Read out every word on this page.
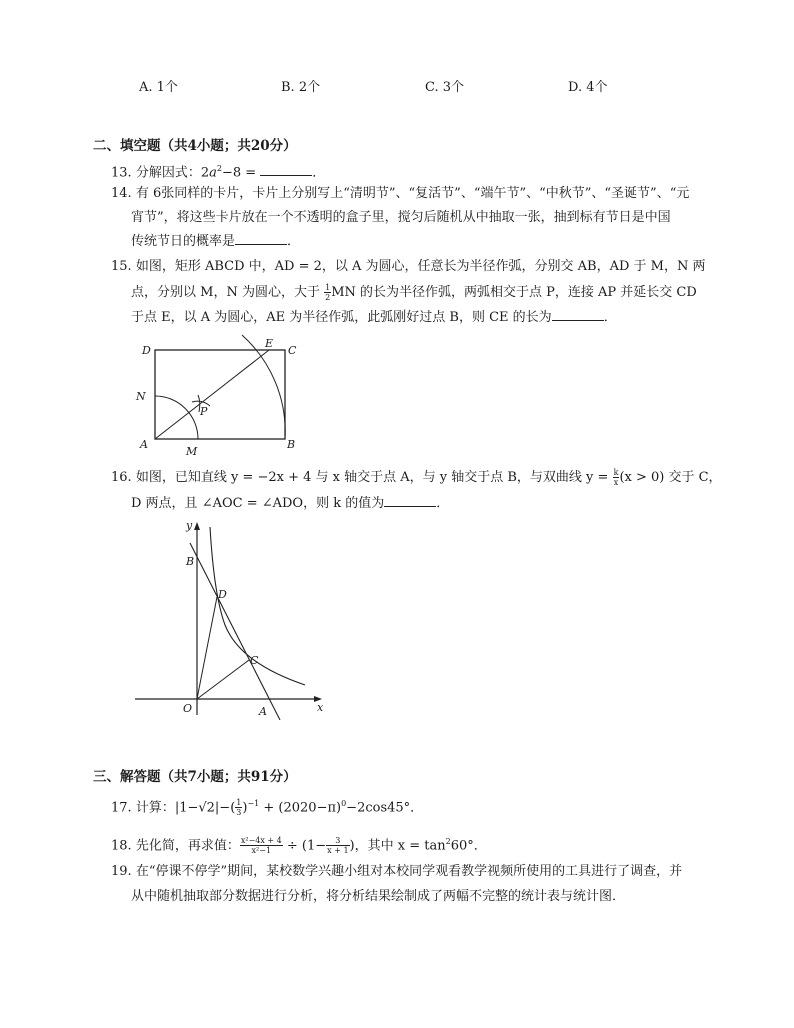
A. 1个	B. 2个	C. 3个	D. 4个
二、填空题（共4小题；共20分）
13. 分解因式：$2a^2-8$ =	．
14. 有 6张同样的卡片，卡片上分别写上“清明节”、“复活节”、“端午节”、“中秋节”、“圣诞节”、“元
宵节”，将这些卡片放在一个不透明的盒子里，搅匀后随机从中抽取一张，抽到标有节日是中国
传统节日的概率是	．
15. 如图，矩形 ABCD 中，AD = 2，以 A 为圆心，任意长为半径作弧，分别交 AB，AD 于 M，N 两
点，分别以 M，N 为圆心，大于 $\frac{1}{2}$ MN 的长为半径作弧，两弧相交于点 P，连接 AP 并延长交 CD
于点 E，以 A 为圆心，AE 为半径作弧，此弧刚好过点 B，则 CE 的长为	．
D	C
E
N
P
A	B
M
16. 如图，已知直线 y = −2x + 4 与 x 轴交于点 A，与 y 轴交于点 B，与双曲线 $y = \frac{k}{x} (x > 0)$ 交于 C，
D 两点，且 ∠AOC = ∠ADO，则 k 的值为	．
y
x
B
D
C
O	A
三、解答题（共7小题；共91分）
17. 计算：$|1-√2|-( \frac{1}{3} )^{-1} + (2020-\pi)^0-2\cos 45^\circ$．
18. 先化简，再求值： $\frac{\text{x²−4x + 4}}{\text{x²−1}} \div (1- \frac{3}{x + 1}$ )，其中 $x = \tan^260^\circ$．
19. 在“停课不停学”期间，某校数学兴趣小组对本校同学观看教学视频所使用的工具进行了调查，并
从中随机抽取部分数据进行分析，将分析结果绘制成了两幅不完整的统计表与统计图．
